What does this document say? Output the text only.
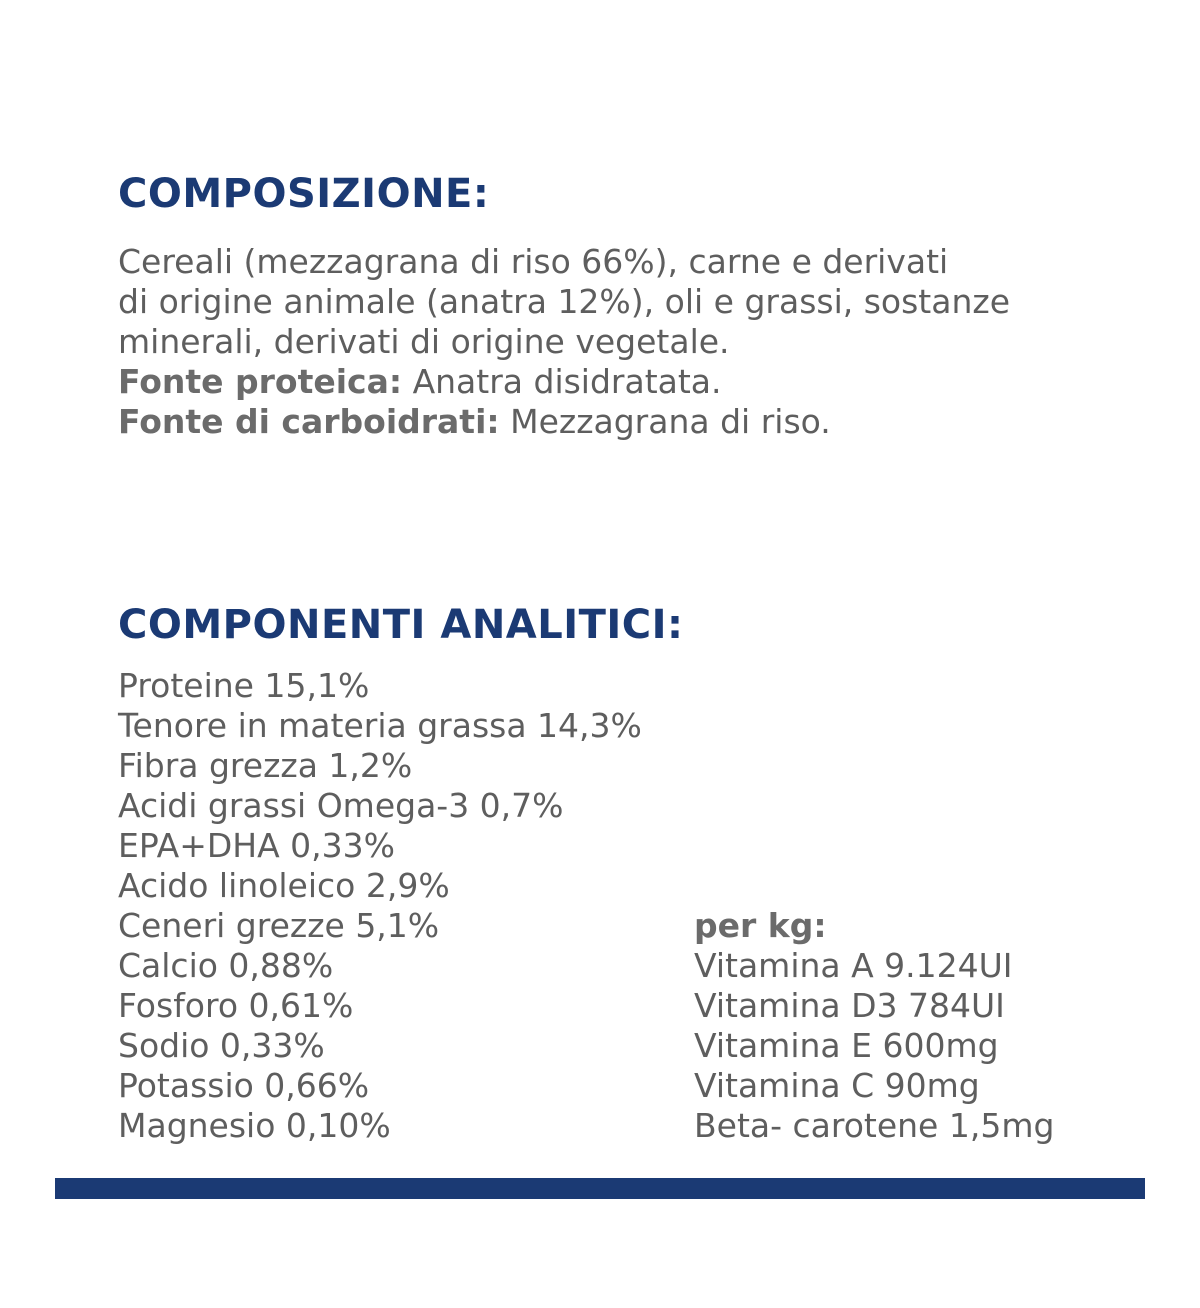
COMPOSIZIONE:
Cereali (mezzagrana di riso 66%), carne e derivati
di origine animale (anatra 12%), oli e grassi, sostanze
minerali, derivati di origine vegetale.
Fonte proteica: Anatra disidratata.
Fonte di carboidrati: Mezzagrana di riso.
COMPONENTI ANALITICI:
Proteine 15,1%
Tenore in materia grassa 14,3%
Fibra grezza 1,2%
Acidi grassi Omega-3 0,7%
EPA+DHA 0,33%
Acido linoleico 2,9%
Ceneri grezze 5,1%
Calcio 0,88%
Fosforo 0,61%
Sodio 0,33%
Potassio 0,66%
Magnesio 0,10%
per kg:
Vitamina A 9.124UI
Vitamina D3 784UI
Vitamina E 600mg
Vitamina C 90mg
Beta- carotene 1,5mg
